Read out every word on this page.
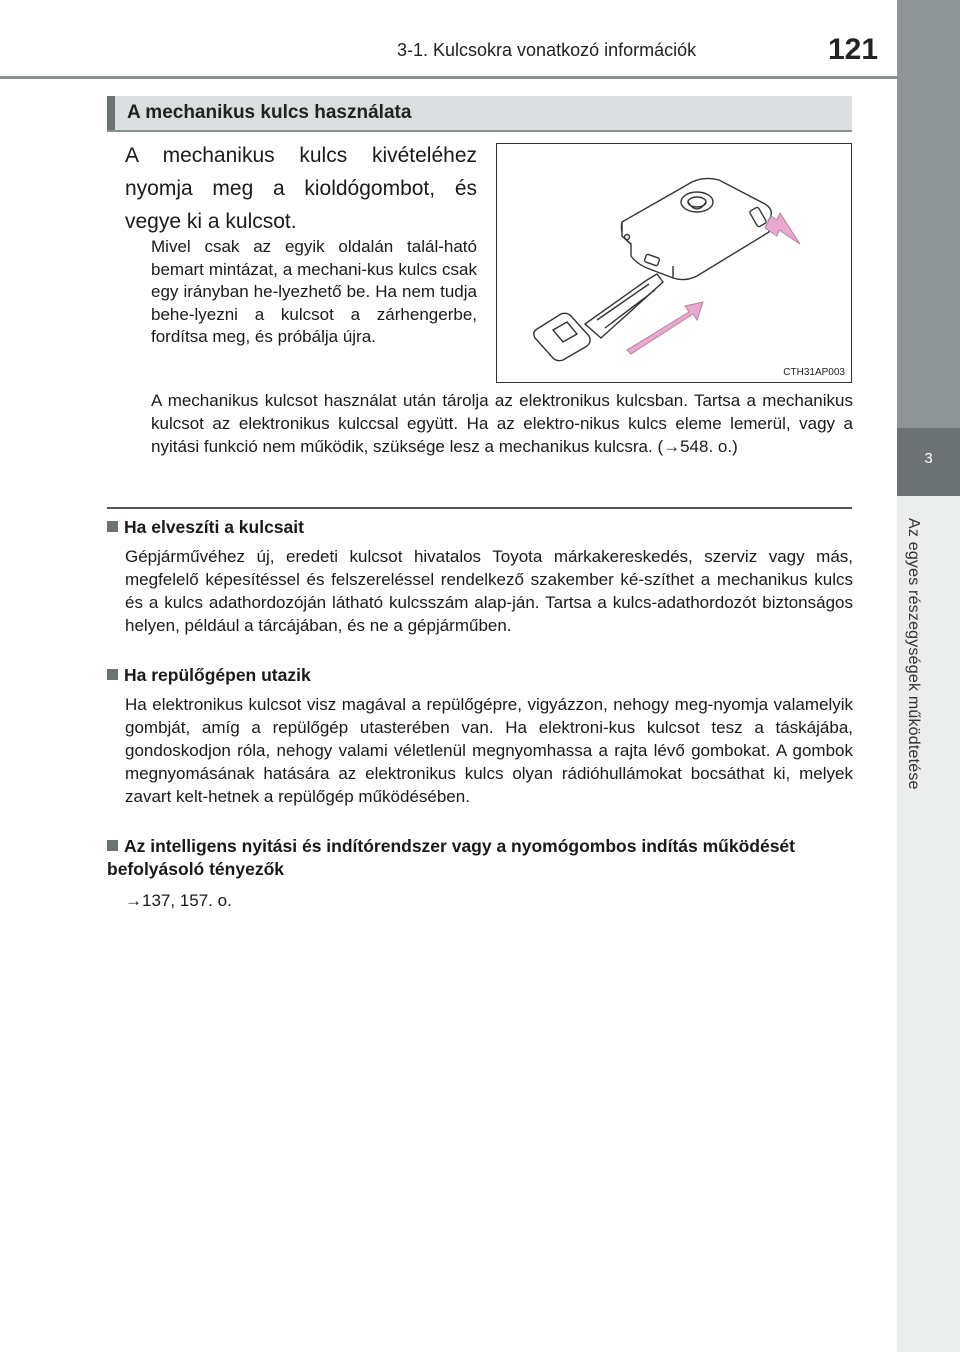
3-1. Kulcsokra vonatkozó információk	121
3
Az egyes részegységek működtetése
A mechanikus kulcs használata
A mechanikus kulcs kivételéhez nyomja meg a kioldógombot, és vegye ki a kulcsot.
Mivel csak az egyik oldalán talál-ható bemart mintázat, a mechani-kus kulcs csak egy irányban he-lyezhető be. Ha nem tudja behe-lyezni a kulcsot a zárhengerbe, fordítsa meg, és próbálja újra.
CTH31AP003
A mechanikus kulcsot használat után tárolja az elektronikus kulcsban. Tartsa a mechanikus kulcsot az elektronikus kulccsal együtt. Ha az elektro-nikus kulcs eleme lemerül, vagy a nyitási funkció nem működik, szüksége lesz a mechanikus kulcsra. (→548. o.)
Ha elveszíti a kulcsait
Gépjárművéhez új, eredeti kulcsot hivatalos Toyota márkakereskedés, szerviz vagy más, megfelelő képesítéssel és felszereléssel rendelkező szakember ké-szíthet a mechanikus kulcs és a kulcs adathordozóján látható kulcsszám alap-ján. Tartsa a kulcs-adathordozót biztonságos helyen, például a tárcájában, és ne a gépjárműben.
Ha repülőgépen utazik
Ha elektronikus kulcsot visz magával a repülőgépre, vigyázzon, nehogy meg-nyomja valamelyik gombját, amíg a repülőgép utasterében van. Ha elektroni-kus kulcsot tesz a táskájába, gondoskodjon róla, nehogy valami véletlenül megnyomhassa a rajta lévő gombokat. A gombok megnyomásának hatására az elektronikus kulcs olyan rádióhullámokat bocsáthat ki, melyek zavart kelt-hetnek a repülőgép működésében.
Az intelligens nyitási és indítórendszer vagy a nyomógombos indítás működését befolyásoló tényezők
→137, 157. o.
